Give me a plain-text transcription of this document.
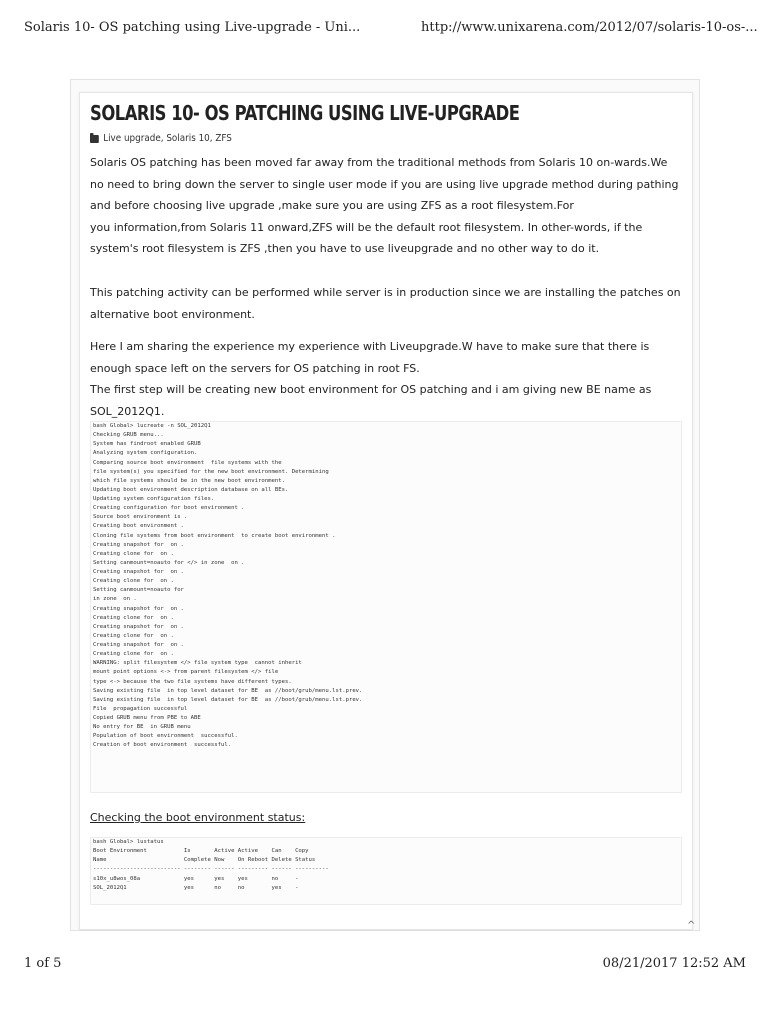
Solaris 10- OS patching using Live-upgrade - Uni...	http://www.unixarena.com/2012/07/solaris-10-os-...
SOLARIS 10- OS PATCHING USING LIVE-UPGRADE
Live upgrade , Solaris 10 , ZFS

Solaris OS patching has been moved far away from the traditional methods from Solaris 10 on-wards.We no need to bring down the server to single user mode if you are using live upgrade method during pathing and before choosing live upgrade ,make sure you are using ZFS as a root filesystem.For

you information,from Solaris 11 onward,ZFS will be the default root filesystem. In other-words, if the system's root filesystem is ZFS ,then you have to use liveupgrade and no other way to do it.

This patching activity can be performed while server is in production since we are installing the patches on alternative boot environment.

Here I am sharing the experience my experience with Liveupgrade.W have to make sure that there is enough space left on the servers for OS patching in root FS.

The first step will be creating new boot environment for OS patching and i am giving new BE name as SOL_2012Q1.

bash Global> lucreate -n SOL_2012Q1
Checking GRUB menu...
System has findroot enabled GRUB
Analyzing system configuration.
Comparing source boot environment  file systems with the
file system(s) you specified for the new boot environment. Determining
which file systems should be in the new boot environment.
Updating boot environment description database on all BEs.
Updating system configuration files.
Creating configuration for boot environment .
Source boot environment is .
Creating boot environment .
Cloning file systems from boot environment  to create boot environment .
Creating snapshot for  on .
Creating clone for  on .
Setting canmount=noauto for </> in zone  on .
Creating snapshot for  on .
Creating clone for  on .
Setting canmount=noauto for
in zone  on .
Creating snapshot for  on .
Creating clone for  on .
Creating snapshot for  on .
Creating clone for  on .
Creating snapshot for  on .
Creating clone for  on .
WARNING: split filesystem </> file system type  cannot inherit
mount point options <-> from parent filesystem </> file
type <-> because the two file systems have different types.
Saving existing file  in top level dataset for BE  as //boot/grub/menu.lst.prev.
Saving existing file  in top level dataset for BE  as //boot/grub/menu.lst.prev.
File  propagation successful
Copied GRUB menu from PBE to ABE
No entry for BE  in GRUB menu
Population of boot environment  successful.
Creation of boot environment  successful.
Checking the boot environment status:
bash Global> lustatus
Boot Environment           Is       Active Active    Can    Copy
Name                       Complete Now    On Reboot Delete Status
-------------------------- -------- ------ --------- ------ ----------
s10x_u8wos_08a             yes      yes    yes       no     -
SOL_2012Q1                 yes      no     no        yes    -
^
1 of 5	08/21/2017 12:52 AM
